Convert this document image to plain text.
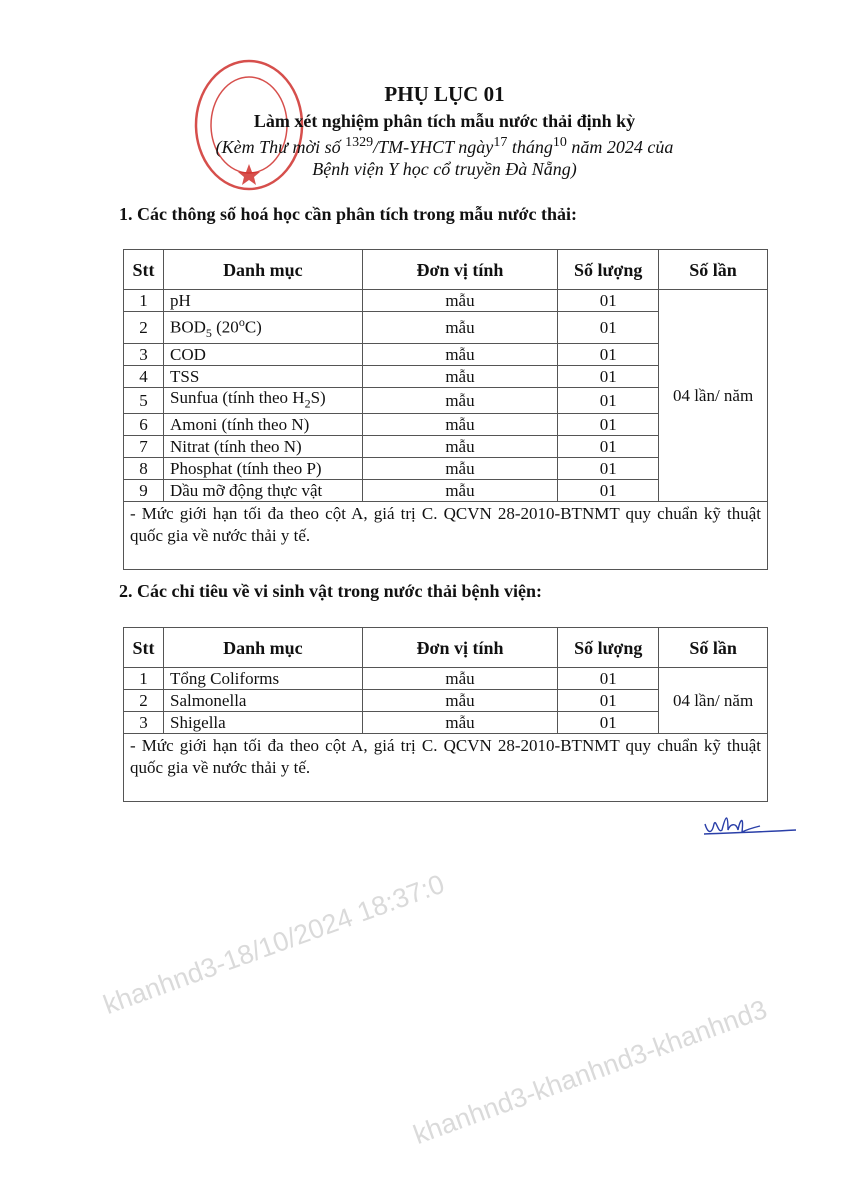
khanhnd3-18/10/2024 18:37:0
khanhnd3-khanhnd3-khanhnd3
PHỤ LỤC 01
Làm xét nghiệm phân tích mẫu nước thải định kỳ
(Kèm Thư mời số $^{1329}$/TM-YHCT ngày$^{17}$ tháng$^{10}$ năm 2024 của
Bệnh viện Y học cổ truyền Đà Nẵng)
1. Các thông số hoá học cần phân tích trong mẫu nước thải:
Stt	Danh mục	Đơn vị tính	Số lượng	Số lần
1	pH	mẫu	01	04 lần/ năm
2	$BOD_5$ (20$^o$C)	mẫu	01	
3	COD	mẫu	01	
4	TSS	mẫu	01	
5	Sunfua (tính theo $H_2S$)	mẫu	01	
6	Amoni (tính theo N)	mẫu	01	
7	Nitrat (tính theo N)	mẫu	01	
8	Phosphat (tính theo P)	mẫu	01	
9	Dầu mỡ động thực vật	mẫu	01	
- Mức giới hạn tối đa theo cột A, giá trị C. QCVN 28-2010-BTNMT quy chuẩn kỹ thuật quốc gia về nước thải y tế.				
2. Các chỉ tiêu về vi sinh vật trong nước thải bệnh viện:
Stt	Danh mục	Đơn vị tính	Số lượng	Số lần
1	Tổng Coliforms	mẫu	01	04 lần/ năm
2	Salmonella	mẫu	01	
3	Shigella	mẫu	01	
- Mức giới hạn tối đa theo cột A, giá trị C. QCVN 28-2010-BTNMT quy chuẩn kỹ thuật quốc gia về nước thải y tế.				
